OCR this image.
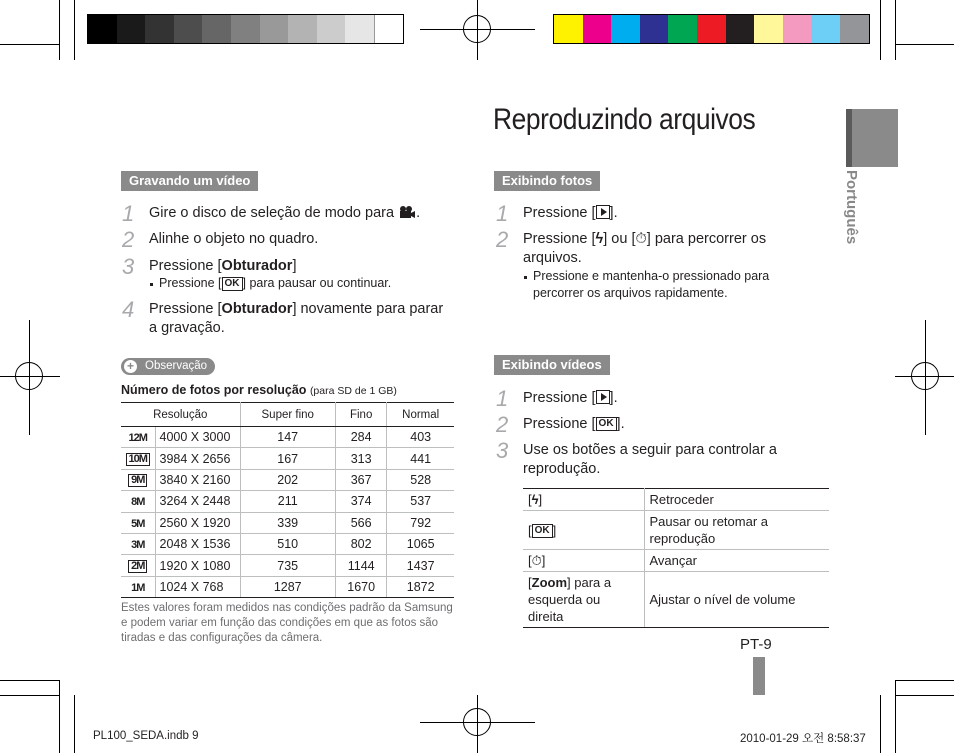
Português
Reproduzindo arquivos
Gravando um vídeo
1 Gire o disco de seleção de modo para .
2 Alinhe o objeto no quadro.
3 Pressione [Obturador]
Pressione [ OK ] para pausar ou continuar.
4 Pressione [Obturador] novamente para parar
a gravação.
+ Observação
Número de fotos por resolução (para SD de 1 GB)
Resolução		Super fino	Fino	Normal
12M	4000 X 3000	147	284	403
10M	3984 X 2656	167	313	441
9M	3840 X 2160	202	367	528
8M	3264 X 2448	211	374	537
5M	2560 X 1920	339	566	792
3M	2048 X 1536	510	802	1065
2M	1920 X 1080	735	1144	1437
1M	1024 X 768	1287	1670	1872
Estes valores foram medidos nas condições padrão da Samsung e podem variar em função das condições em que as fotos são tiradas e das configurações da câmera.
Exibindo fotos
1 Pressione [ ].
2 Pressione [ϟ] ou [⏱] para percorrer os
arquivos.
Pressione e mantenha-o pressionado para
percorrer os arquivos rapidamente.
Exibindo vídeos
1 Pressione [ ].
2 Pressione [ OK ].
3 Use os botões a seguir para controlar a
reprodução.
[ϟ]	Retroceder
[ OK ]	Pausar ou retomar a
reprodução
[⏱]	Avançar
[Zoom] para a
esquerda ou direita	Ajustar o nível de volume
PT-9
PL100_SEDA.indb 9	2010-01-29 오전 8:58:37
